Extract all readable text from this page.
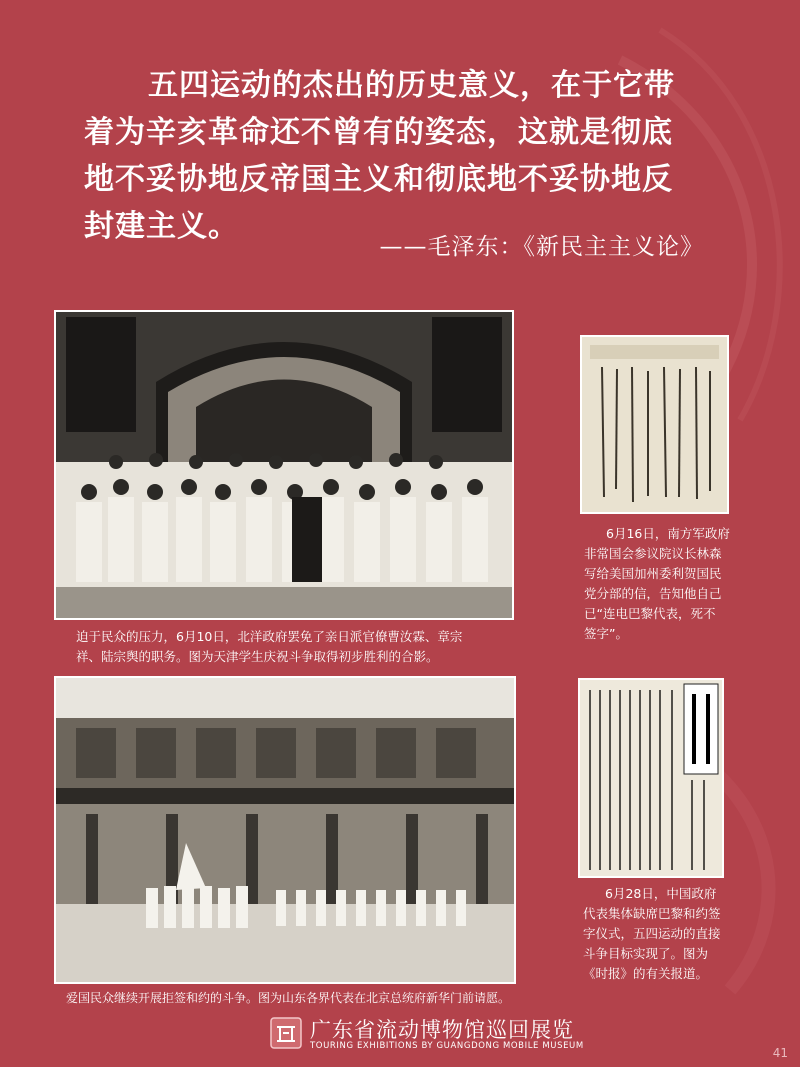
五四运动的杰出的历史意义，在于它带
着为辛亥革命还不曾有的姿态，这就是彻底
地不妥协地反帝国主义和彻底地不妥协地反
封建主义。
——毛泽东：《新民主主义论》
迫于民众的压力，6月10日，北洋政府罢免了亲日派官僚曹汝霖、章宗
祥、陆宗舆的职务。图为天津学生庆祝斗争取得初步胜利的合影。
6月16日，南方军政府
非常国会参议院议长林森
写给美国加州委利贺国民
党分部的信，告知他自己
已“连电巴黎代表，死不
签字”。
爱国民众继续开展拒签和约的斗争。图为山东各界代表在北京总统府新华门前请愿。
6月28日，中国政府
代表集体缺席巴黎和约签
字仪式，五四运动的直接
斗争目标实现了。图为
《时报》的有关报道。
广东省流动博物馆巡回展览
TOURING EXHIBITIONS BY GUANGDONG MOBILE MUSEUM	41
